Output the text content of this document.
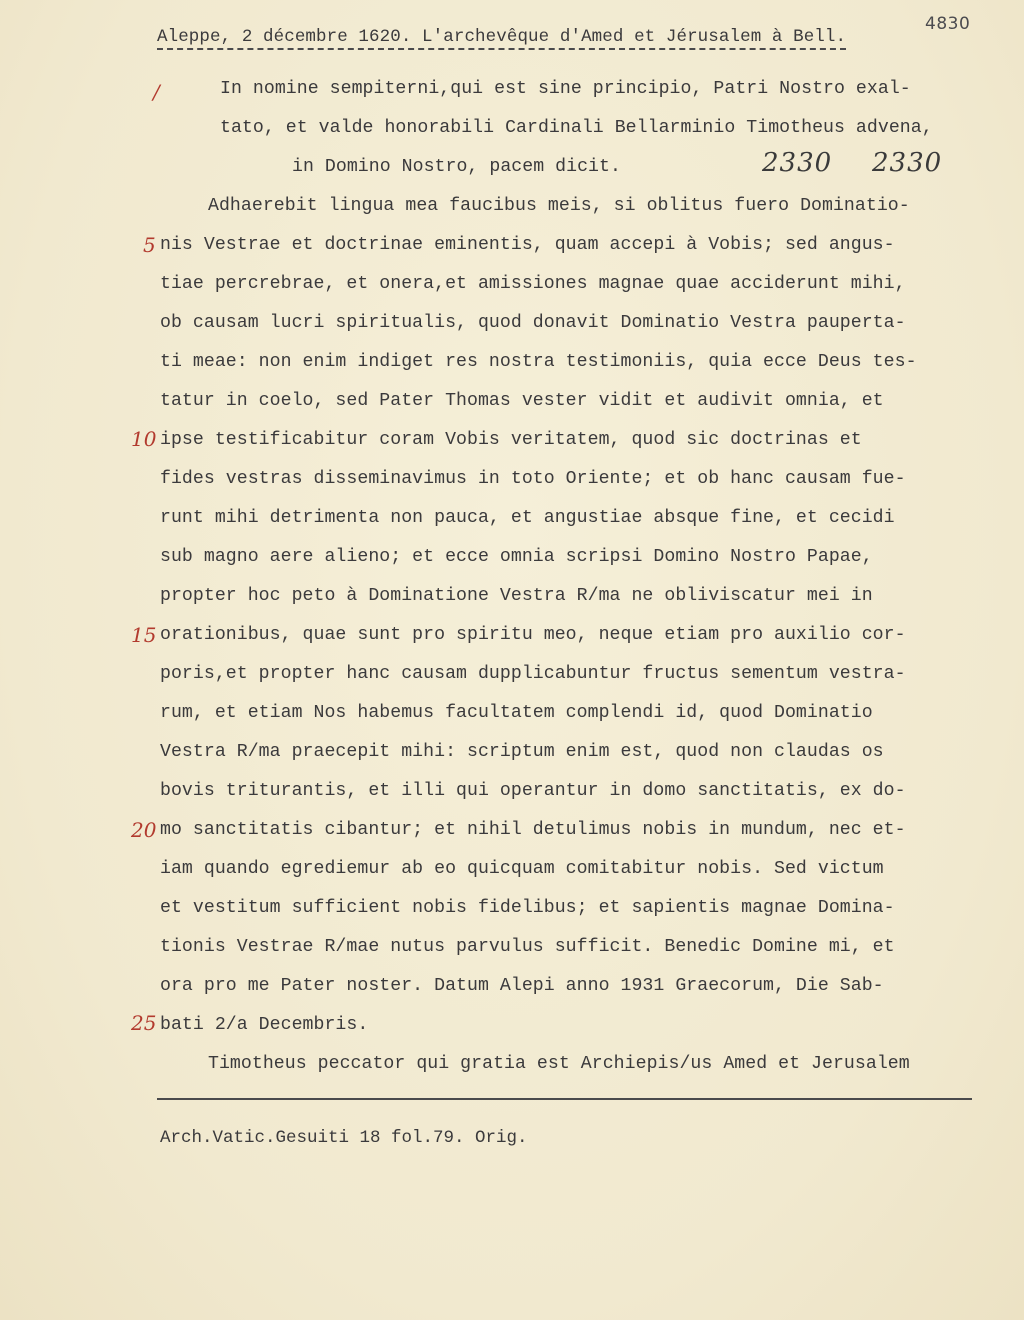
Aleppe, 2 décembre 1620. L'archevêque d'Amed et Jérusalem à Bell.
4830
/
5
10
15
20
25
2330 2330
In nomine sempiterni,qui est sine principio, Patri Nostro exal-
tato, et valde honorabili Cardinali Bellarminio Timotheus advena,
in Domino Nostro, pacem dicit.
Adhaerebit lingua mea faucibus meis, si oblitus fuero Dominatio-
nis Vestrae et doctrinae eminentis, quam accepi à Vobis; sed angus-
tiae percrebrae, et onera,et amissiones magnae quae acciderunt mihi,
ob causam lucri spiritualis, quod donavit Dominatio Vestra pauperta-
ti meae: non enim indiget res nostra testimoniis, quia ecce Deus tes-
tatur in coelo, sed Pater Thomas vester vidit et audivit omnia, et
ipse testificabitur coram Vobis veritatem, quod sic doctrinas et
fides vestras disseminavimus in toto Oriente; et ob hanc causam fue-
runt mihi detrimenta non pauca, et angustiae absque fine, et cecidi
sub magno aere alieno; et ecce omnia scripsi Domino Nostro Papae,
propter hoc peto à Dominatione Vestra R/ma ne obliviscatur mei in
orationibus, quae sunt pro spiritu meo, neque etiam pro auxilio cor-
poris,et propter hanc causam dupplicabuntur fructus sementum vestra-
rum, et etiam Nos habemus facultatem complendi id, quod Dominatio
Vestra R/ma praecepit mihi: scriptum enim est, quod non claudas os
bovis triturantis, et illi qui operantur in domo sanctitatis, ex do-
mo sanctitatis cibantur; et nihil detulimus nobis in mundum, nec et-
iam quando egrediemur ab eo quicquam comitabitur nobis. Sed victum
et vestitum sufficient nobis fidelibus; et sapientis magnae Domina-
tionis Vestrae R/mae nutus parvulus sufficit. Benedic Domine mi, et
ora pro me Pater noster. Datum Alepi anno 1931 Graecorum, Die Sab-
bati 2/a Decembris.
Timotheus peccator qui gratia est Archiepis/us Amed et Jerusalem
Arch.Vatic.Gesuiti 18 fol.79. Orig.
